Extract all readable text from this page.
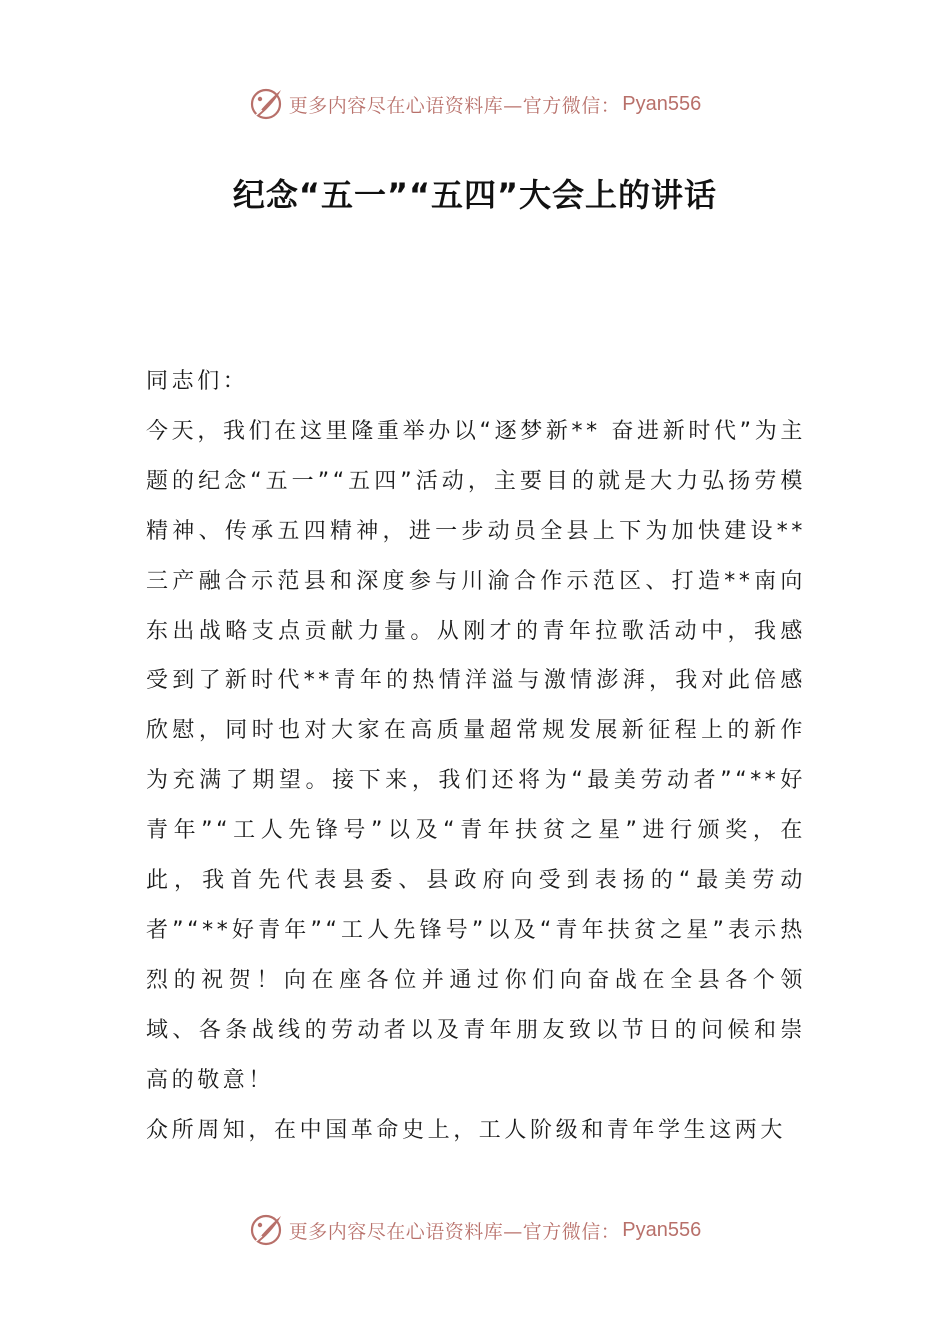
更多内容尽在心语资料库—官方微信： Pyan556
纪念“五一”“五四”大会上的讲话

同志们：

今天，我们在这里隆重举办以“逐梦新** 奋进新时代”为主题的纪念“五一”“五四”活动，主要目的就是大力弘扬劳模精神、传承五四精神，进一步动员全县上下为加快建设**三产融合示范县和深度参与川渝合作示范区、打造**南向东出战略支点贡献力量。从刚才的青年拉歌活动中，我感受到了新时代**青年的热情洋溢与激情澎湃，我对此倍感欣慰，同时也对大家在高质量超常规发展新征程上的新作为充满了期望。接下来，我们还将为“最美劳动者”“**好青年”“工人先锋号”以及“青年扶贫之星”进行颁奖，在此，我首先代表县委、县政府向受到表扬的“最美劳动者”“**好青年”“工人先锋号”以及“青年扶贫之星”表示热烈的祝贺！向在座各位并通过你们向奋战在全县各个领域、各条战线的劳动者以及青年朋友致以节日的问候和崇高的敬意！

众所周知，在中国革命史上，工人阶级和青年学生这两大

更多内容尽在心语资料库—官方微信： Pyan556
